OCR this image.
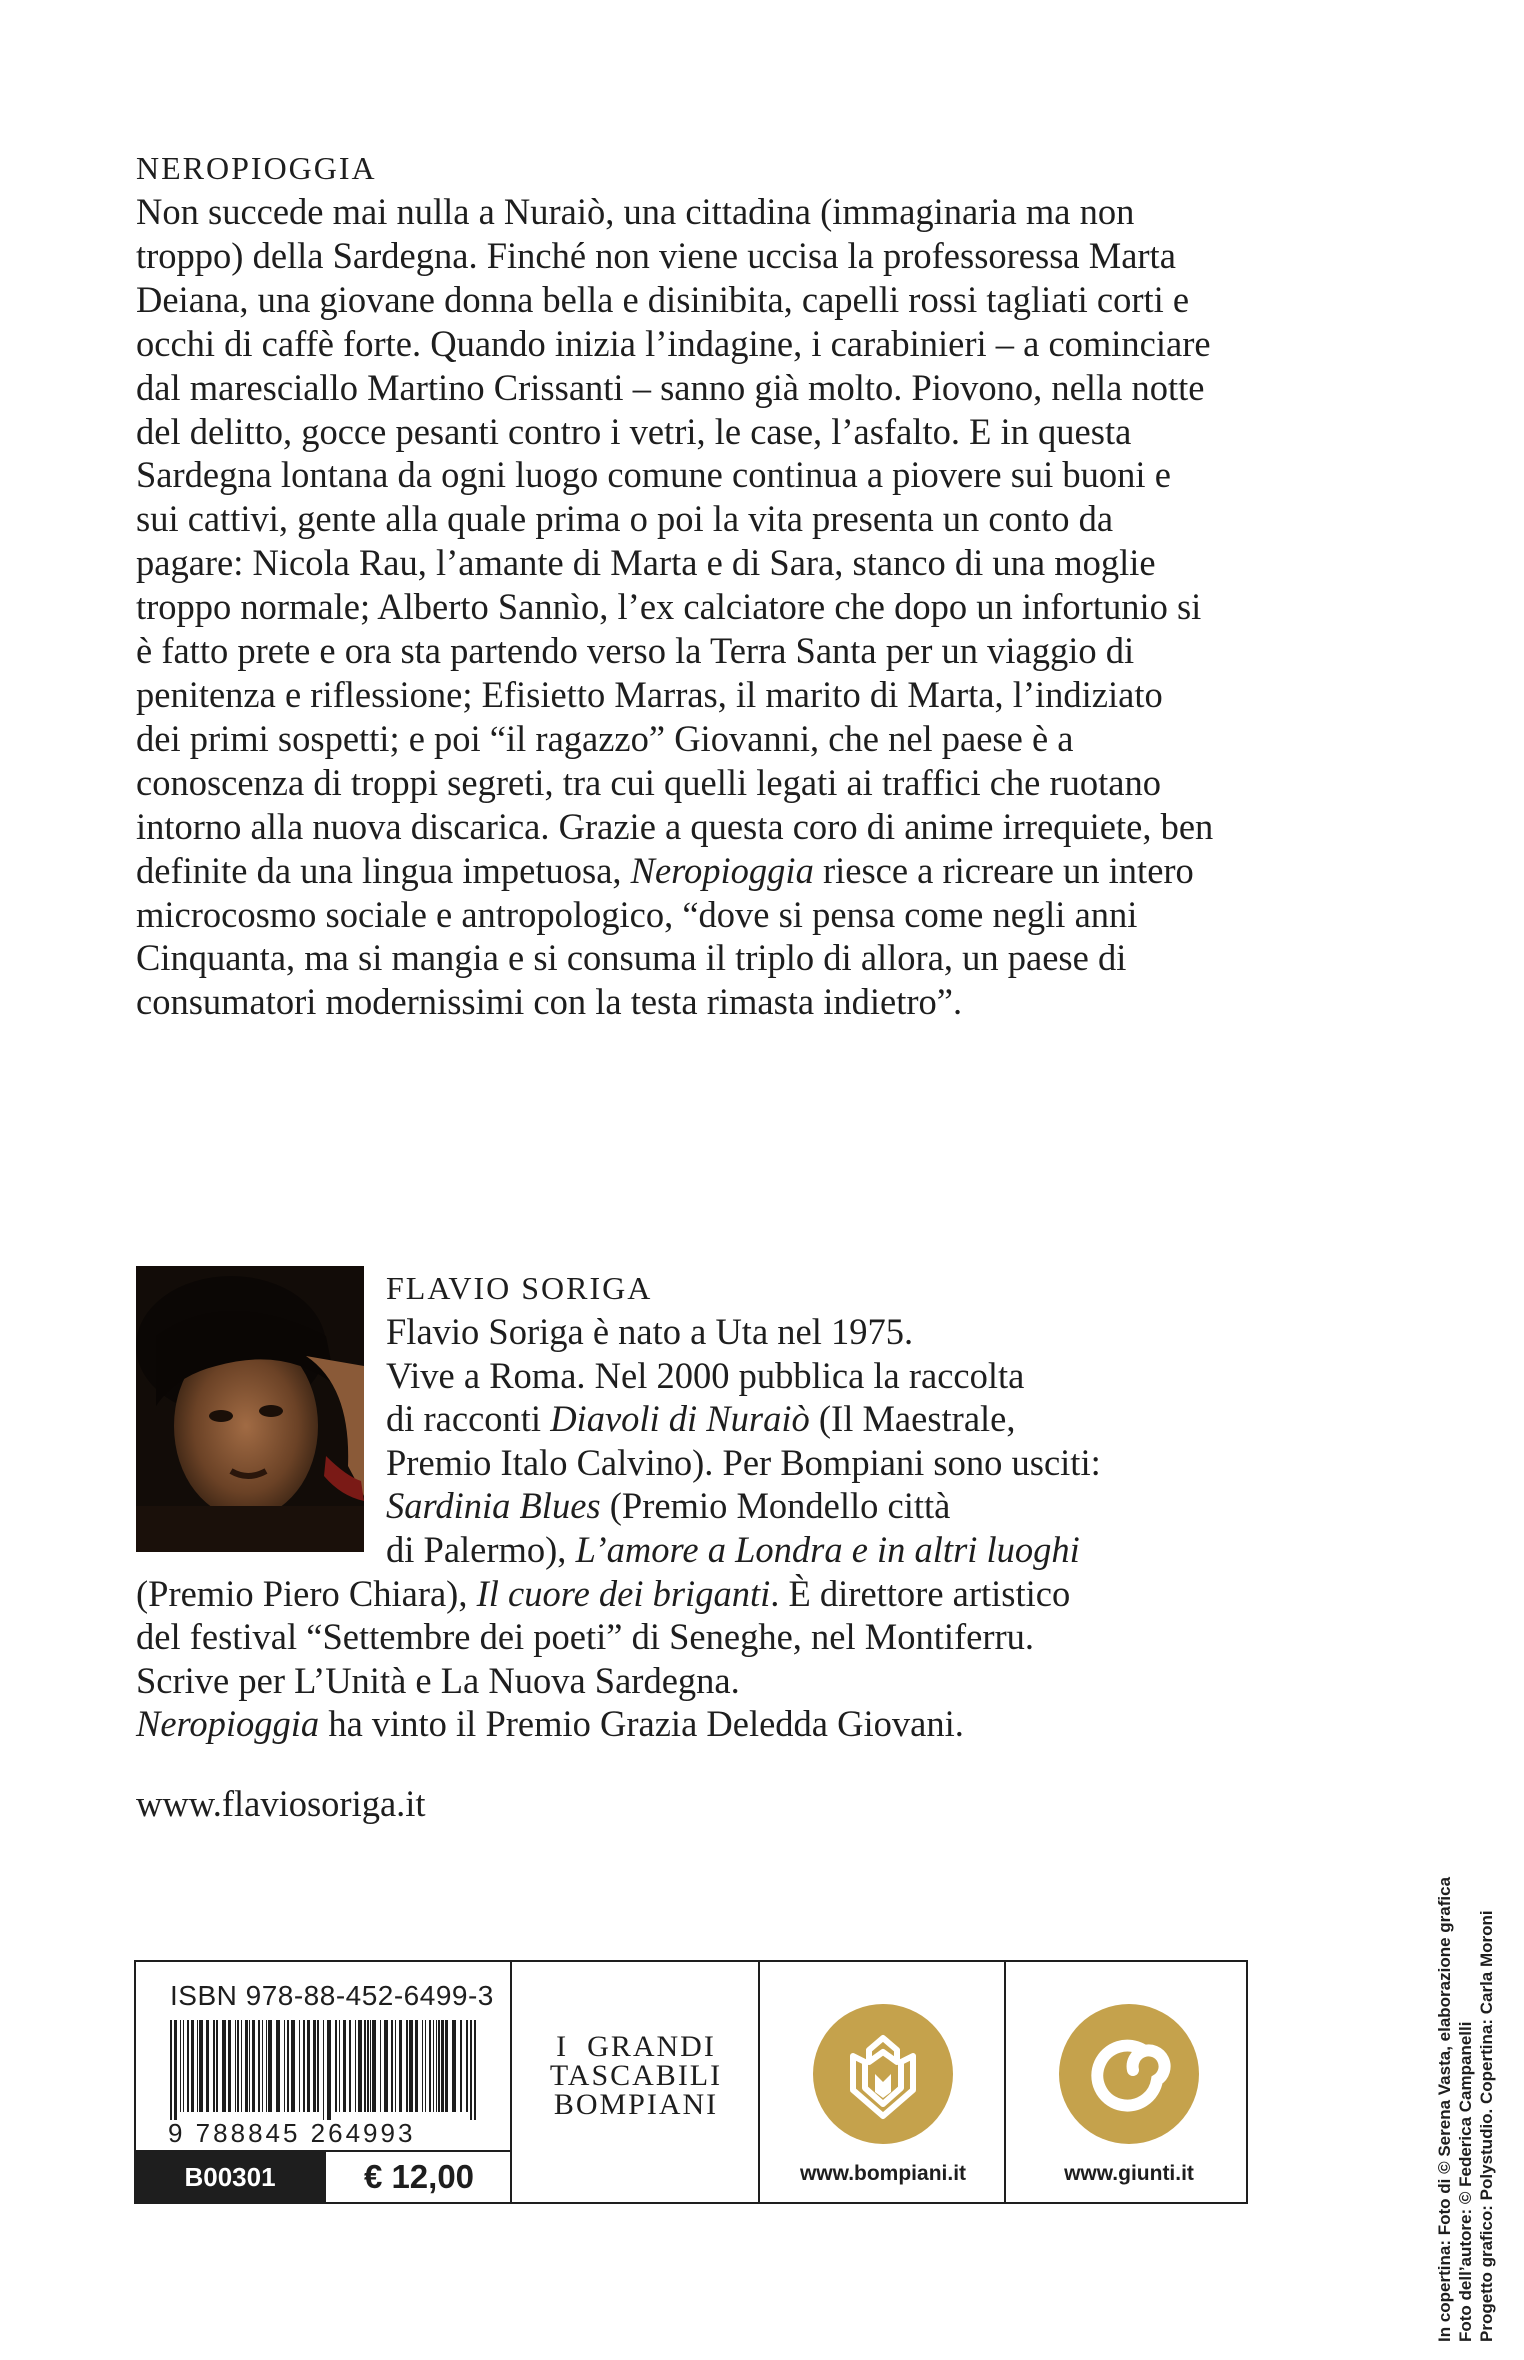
NEROPIOGGIA

Non succede mai nulla a Nuraiò, una cittadina (immaginaria ma non troppo) della Sardegna. Finché non viene uccisa la professoressa Marta Deiana, una giovane donna bella e disinibita, capelli rossi tagliati corti e occhi di caffè forte. Quando inizia l’indagine, i carabinieri – a cominciare dal maresciallo Martino Crissanti – sanno già molto. Piovono, nella notte del delitto, gocce pesanti contro i vetri, le case, l’asfalto. E in questa Sardegna lontana da ogni luogo comune continua a piovere sui buoni e sui cattivi, gente alla quale prima o poi la vita presenta un conto da pagare: Nicola Rau, l’amante di Marta e di Sara, stanco di una moglie troppo normale; Alberto Sannìo, l’ex calciatore che dopo un infortunio si è fatto prete e ora sta partendo verso la Terra Santa per un viaggio di penitenza e riflessione; Efisietto Marras, il marito di Marta, l’indiziato dei primi sospetti; e poi “il ragazzo” Giovanni, che nel paese è a conoscenza di troppi segreti, tra cui quelli legati ai traffici che ruotano intorno alla nuova discarica. Grazie a questa coro di anime irrequiete, ben definite da una lingua impetuosa, Neropioggia riesce a ricreare un intero microcosmo sociale e antropologico, “dove si pensa come negli anni Cinquanta, ma si mangia e si consuma il triplo di allora, un paese di consumatori modernissimi con la testa rimasta indietro”.

FLAVIO SORIGA
Flavio Soriga è nato a Uta nel 1975.
Vive a Roma. Nel 2000 pubblica la raccolta
di racconti Diavoli di Nuraiò (Il Maestrale,
Premio Italo Calvino). Per Bompiani sono usciti:
Sardinia Blues (Premio Mondello città
di Palermo), L’amore a Londra e in altri luoghi
(Premio Piero Chiara), Il cuore dei briganti. È direttore artistico
del festival “Settembre dei poeti” di Seneghe, nel Montiferru.
Scrive per L’Unità e La Nuova Sardegna.
Neropioggia ha vinto il Premio Grazia Deledda Giovani.
www.flaviosoriga.it
ISBN 978-88-452-6499-3
9 788845 264993
B00301	€ 12,00
I  GRANDI
TASCABILI
BOMPIANI
www.bompiani.it	www.giunti.it	In copertina: Foto di © Serena Vasta, elaborazione grafica Foto dell’autore: © Federica Campanelli Progetto grafico: Polystudio. Copertina: Carla Moroni
